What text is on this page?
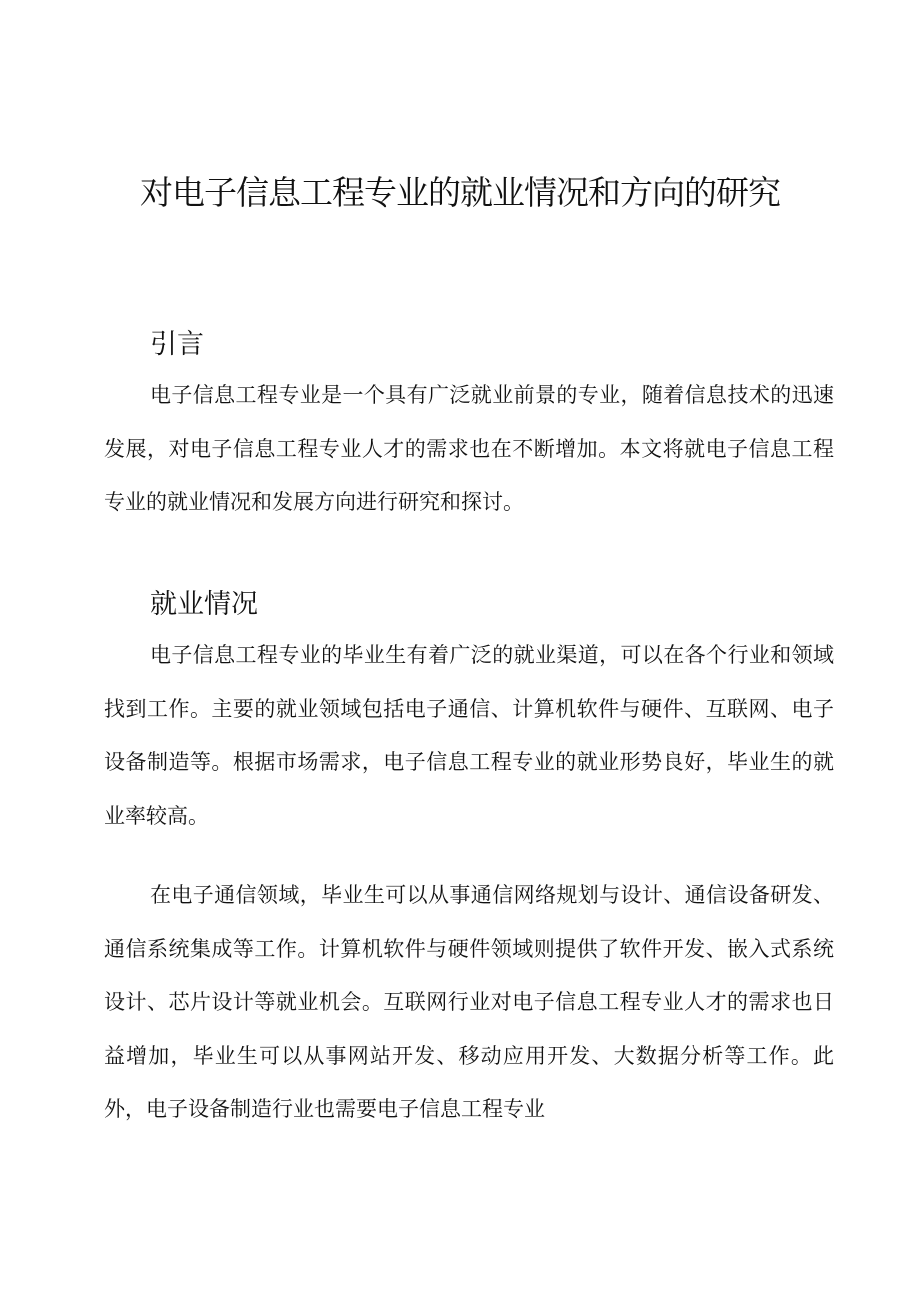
对电子信息工程专业的就业情况和方向的研究
引言

电子信息工程专业是一个具有广泛就业前景的专业，随着信息技术的迅速发展，对电子信息工程专业人才的需求也在不断增加。本文将就电子信息工程专业的就业情况和发展方向进行研究和探讨。

就业情况

电子信息工程专业的毕业生有着广泛的就业渠道，可以在各个行业和领域找到工作。主要的就业领域包括电子通信、计算机软件与硬件、互联网、电子设备制造等。根据市场需求，电子信息工程专业的就业形势良好，毕业生的就业率较高。

在电子通信领域，毕业生可以从事通信网络规划与设计、通信设备研发、通信系统集成等工作。计算机软件与硬件领域则提供了软件开发、嵌入式系统设计、芯片设计等就业机会。互联网行业对电子信息工程专业人才的需求也日益增加，毕业生可以从事网站开发、移动应用开发、大数据分析等工作。此外，电子设备制造行业也需要电子信息工程专业
